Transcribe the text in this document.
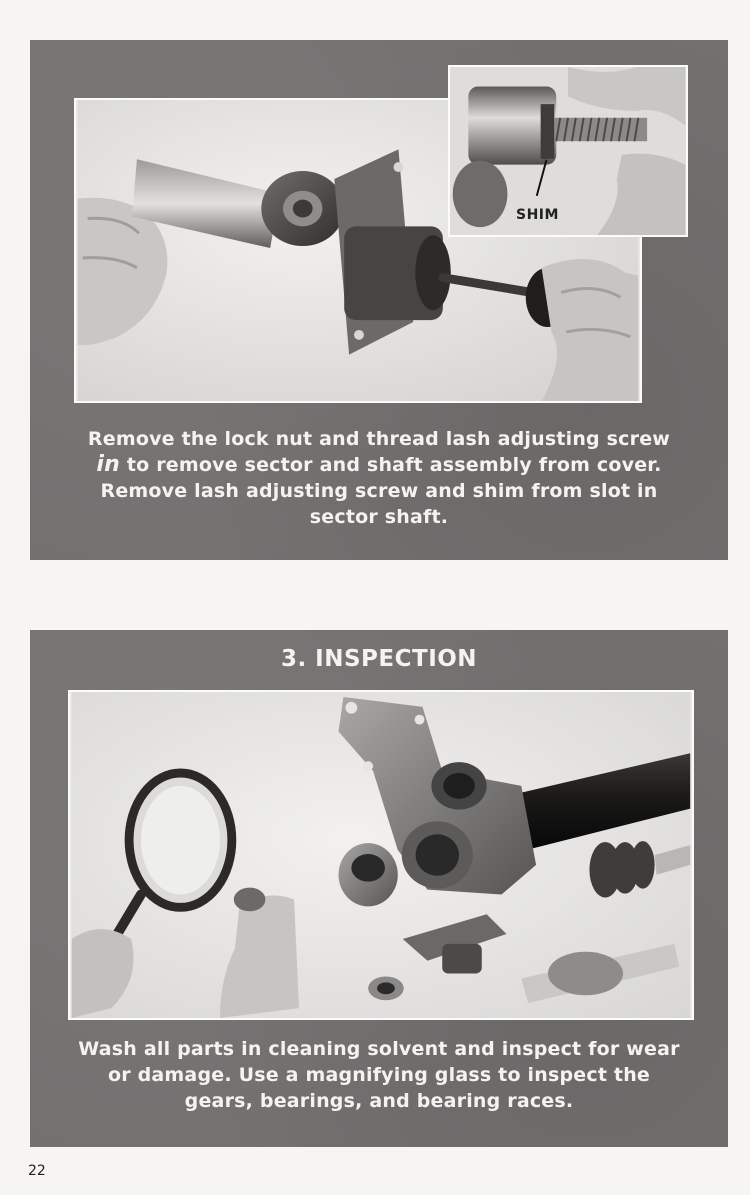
SHIM
Remove the lock nut and thread lash adjusting screw
in to remove sector and shaft assembly from cover.
Remove lash adjusting screw and shim from slot in
sector shaft.
3. INSPECTION
Wash all parts in cleaning solvent and inspect for wear
or damage. Use a magnifying glass to inspect the
gears, bearings, and bearing races.
22
